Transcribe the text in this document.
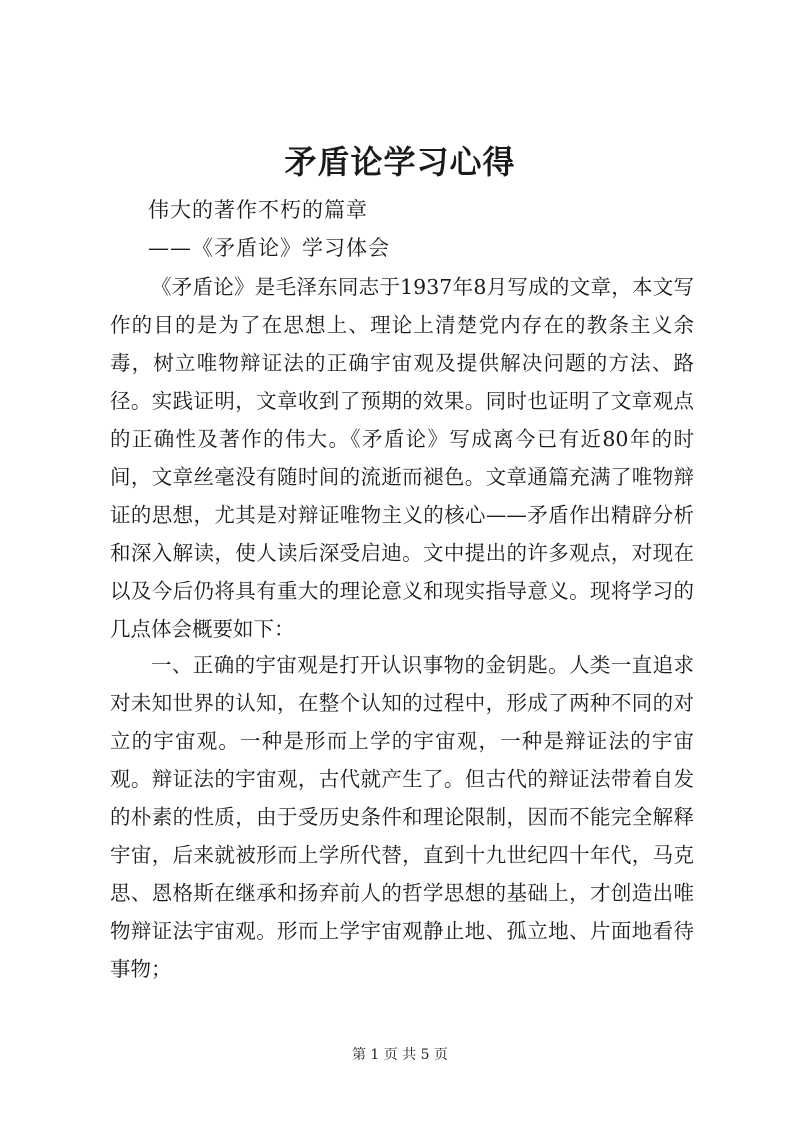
矛盾论学习心得
伟大的著作不朽的篇章
——《矛盾论》学习体会

《矛盾论》是毛泽东同志于1937年8月写成的文章，本文写作的目的是为了在思想上、理论上清楚党内存在的教条主义余毒，树立唯物辩证法的正确宇宙观及提供解决问题的方法、路径。实践证明，文章收到了预期的效果。同时也证明了文章观点的正确性及著作的伟大。《矛盾论》写成离今已有近80年的时间，文章丝毫没有随时间的流逝而褪色。文章通篇充满了唯物辩证的思想，尤其是对辩证唯物主义的核心——矛盾作出精辟分析和深入解读，使人读后深受启迪。文中提出的许多观点，对现在以及今后仍将具有重大的理论意义和现实指导意义。现将学习的几点体会概要如下：

一、正确的宇宙观是打开认识事物的金钥匙。人类一直追求对未知世界的认知，在整个认知的过程中，形成了两种不同的对立的宇宙观。一种是形而上学的宇宙观，一种是辩证法的宇宙观。辩证法的宇宙观，古代就产生了。但古代的辩证法带着自发的朴素的性质，由于受历史条件和理论限制，因而不能完全解释宇宙，后来就被形而上学所代替，直到十九世纪四十年代，马克思、恩格斯在继承和扬弃前人的哲学思想的基础上，才创造出唯物辩证法宇宙观。形而上学宇宙观静止地、孤立地、片面地看待事物；

第 1 页 共 5 页
